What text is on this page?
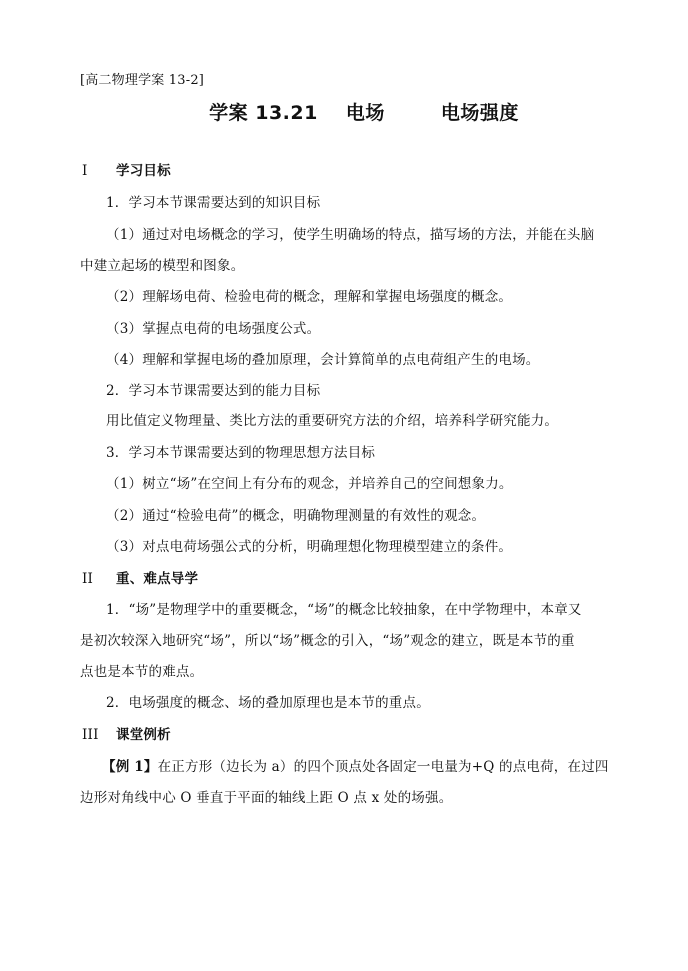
[高二物理学案 13-2]
学案 13.21 电场	电场强度
I 学习目标
1．学习本节课需要达到的知识目标
（1）通过对电场概念的学习，使学生明确场的特点，描写场的方法，并能在头脑
中建立起场的模型和图象。
（2）理解场电荷、检验电荷的概念，理解和掌握电场强度的概念。
（3）掌握点电荷的电场强度公式。
（4）理解和掌握电场的叠加原理，会计算简单的点电荷组产生的电场。
2．学习本节课需要达到的能力目标
用比值定义物理量、类比方法的重要研究方法的介绍，培养科学研究能力。
3．学习本节课需要达到的物理思想方法目标
（1）树立“场”在空间上有分布的观念，并培养自己的空间想象力。
（2）通过“检验电荷”的概念，明确物理测量的有效性的观念。
（3）对点电荷场强公式的分析，明确理想化物理模型建立的条件。
II 重、难点导学
1．“场”是物理学中的重要概念，“场”的概念比较抽象，在中学物理中，本章又
是初次较深入地研究“场”，所以“场”概念的引入，“场”观念的建立，既是本节的重
点也是本节的难点。
2．电场强度的概念、场的叠加原理也是本节的重点。
III 课堂例析
【例 1】在正方形（边长为 a）的四个顶点处各固定一电量为+Q 的点电荷，在过四
边形对角线中心 O 垂直于平面的轴线上距 O 点 x 处的场强。
